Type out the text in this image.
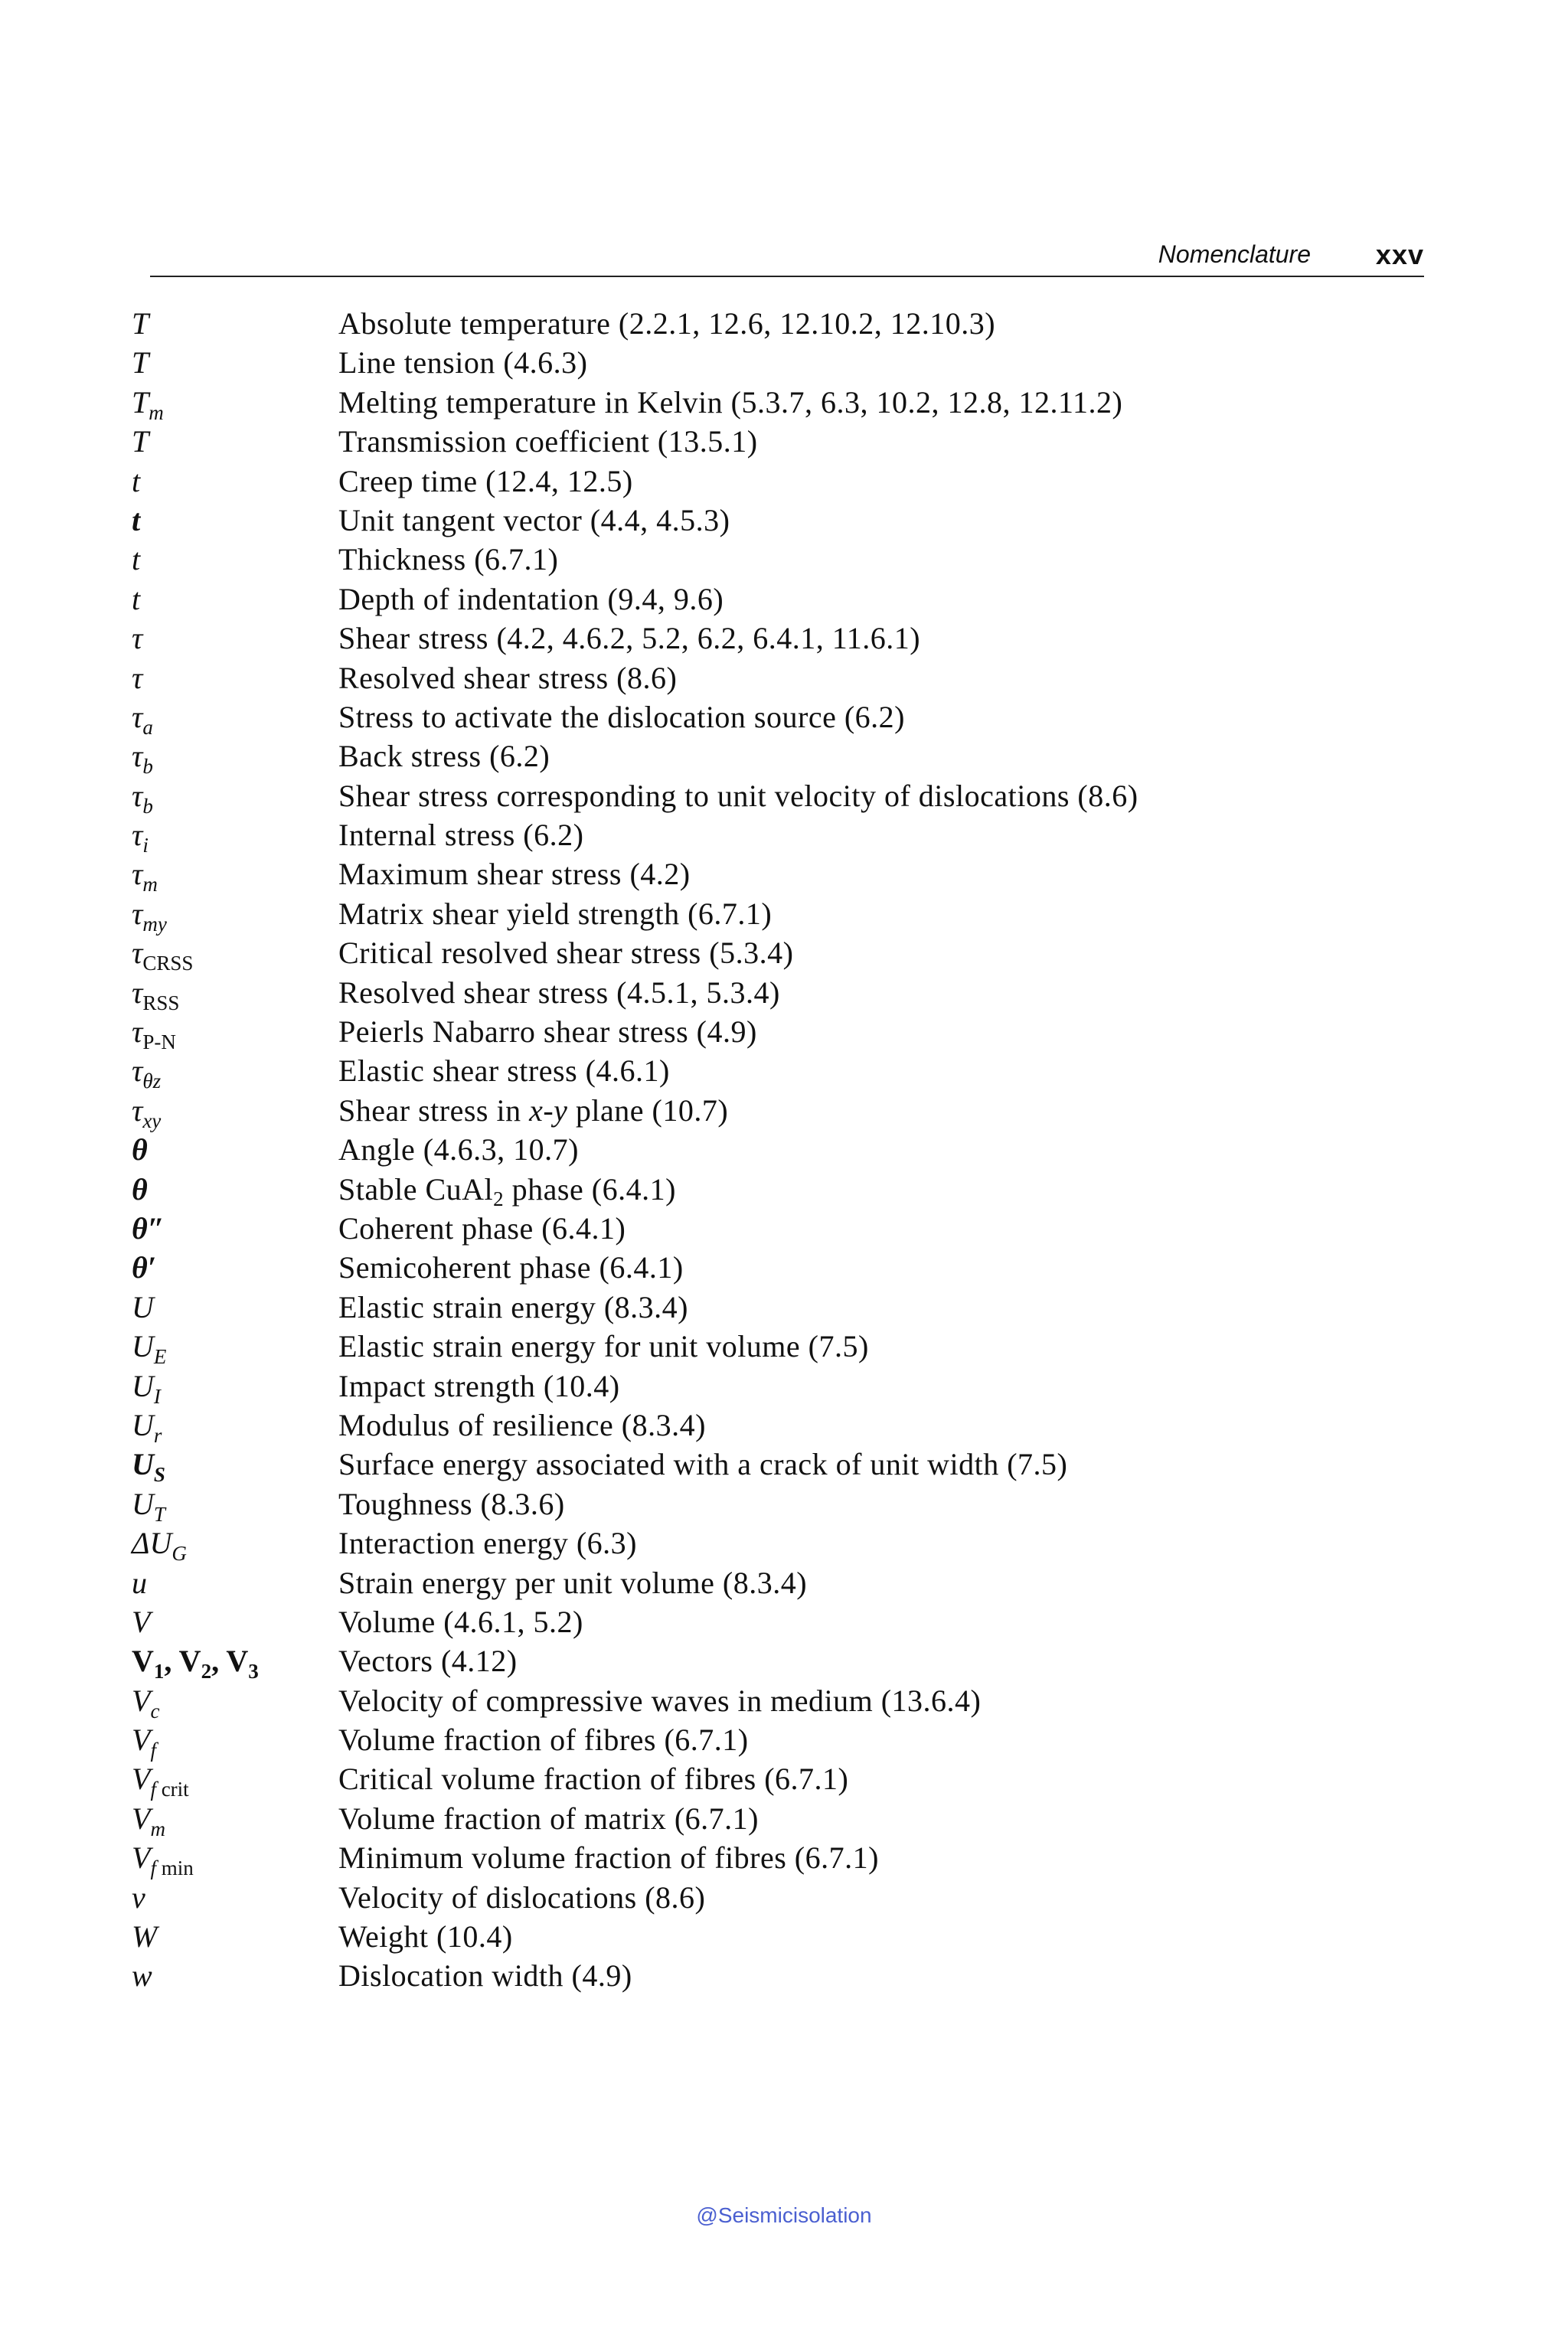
Nomenclature xxv
T	Absolute temperature (2.2.1, 12.6, 12.10.2, 12.10.3)
T	Line tension (4.6.3)
$T_m$	Melting temperature in Kelvin (5.3.7, 6.3, 10.2, 12.8, 12.11.2)
T	Transmission coefficient (13.5.1)
t	Creep time (12.4, 12.5)
t	Unit tangent vector (4.4, 4.5.3)
t	Thickness (6.7.1)
t	Depth of indentation (9.4, 9.6)
τ	Shear stress (4.2, 4.6.2, 5.2, 6.2, 6.4.1, 11.6.1)
τ	Resolved shear stress (8.6)
$\tau_a$	Stress to activate the dislocation source (6.2)
$\tau_b$	Back stress (6.2)
$\tau_b$	Shear stress corresponding to unit velocity of dislocations (8.6)
$\tau_i$	Internal stress (6.2)
$\tau_m$	Maximum shear stress (4.2)
$\tau_{my}$	Matrix shear yield strength (6.7.1)
$\tau_{CRSS}$	Critical resolved shear stress (5.3.4)
$\tau_{RSS}$	Resolved shear stress (4.5.1, 5.3.4)
$\tau_{P-N}$	Peierls Nabarro shear stress (4.9)
$\tau_{\theta z}$	Elastic shear stress (4.6.1)
$\tau_{xy}$	Shear stress in x-y plane (10.7)
θ	Angle (4.6.3, 10.7)
θ	Stable CuAl$_2$ phase (6.4.1)
θ″	Coherent phase (6.4.1)
θ′	Semicoherent phase (6.4.1)
U	Elastic strain energy (8.3.4)
$U_E$	Elastic strain energy for unit volume (7.5)
$U_I$	Impact strength (10.4)
$U_r$	Modulus of resilience (8.3.4)
$U_S$	Surface energy associated with a crack of unit width (7.5)
$U_T$	Toughness (8.3.6)
$\Delta U_G$	Interaction energy (6.3)
u	Strain energy per unit volume (8.3.4)
V	Volume (4.6.1, 5.2)
$V_1$, $V_2$, $V_3$	Vectors (4.12)
$V_c$	Velocity of compressive waves in medium (13.6.4)
$V_f$	Volume fraction of fibres (6.7.1)
$V_f$ $_{crit}$	Critical volume fraction of fibres (6.7.1)
$V_m$	Volume fraction of matrix (6.7.1)
$V_f$ $_{min}$	Minimum volume fraction of fibres (6.7.1)
v	Velocity of dislocations (8.6)
W	Weight (10.4)
w	Dislocation width (4.9)
@Seismicisolation
